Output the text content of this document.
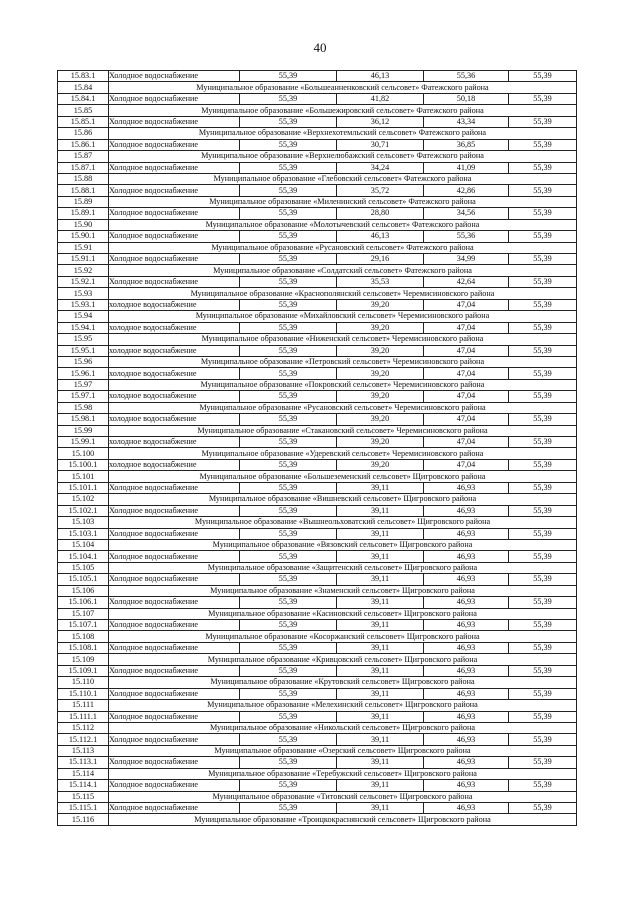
40
15.83.1	Холодное водоснабжение	55,39	46,13	55,36	55,39
15.84	Муниципальное образование «Большеанненковский сельсовет» Фатежского района				
15.84.1	Холодное водоснабжение	55,39	41,82	50,18	55,39
15.85	Муниципальное образование «Большежировский сельсовет» Фатежского района				
15.85.1	Холодное водоснабжение	55,39	36,12	43,34	55,39
15.86	Муниципальное образование «Верхнехотемльский сельсовет» Фатежского района				
15.86.1	Холодное водоснабжение	55,39	30,71	36,85	55,39
15.87	Муниципальное образование «Верхнелюбажский сельсовет» Фатежского района				
15.87.1	Холодное водоснабжение	55,39	34,24	41,09	55,39
15.88	Муниципальное образование «Глебовский сельсовет» Фатежского района				
15.88.1	Холодное водоснабжение	55,39	35,72	42,86	55,39
15.89	Муниципальное образование «Миленинский сельсовет» Фатежского района				
15.89.1	Холодное водоснабжение	55,39	28,80	34,56	55,39
15.90	Муниципальное образование «Молотычевский сельсовет» Фатежского района				
15.90.1	Холодное водоснабжение	55,39	46,13	55,36	55,39
15.91	Муниципальное образование «Русановский сельсовет» Фатежского района				
15.91.1	Холодное водоснабжение	55,39	29,16	34,99	55,39
15.92	Муниципальное образование «Солдатский сельсовет» Фатежского района				
15.92.1	Холодное водоснабжение	55,39	35,53	42,64	55,39
15.93	Муниципальное образование «Краснополянский сельсовет» Черемисиновского района				
15.93.1	холодное водоснабжение	55,39	39,20	47,04	55,39
15.94	Муниципальное образование «Михайловский сельсовет» Черемисиновского района				
15.94.1	холодное водоснабжение	55,39	39,20	47,04	55,39
15.95	Муниципальное образование «Ниженский сельсовет» Черемисиновского района				
15.95.1	холодное водоснабжение	55,39	39,20	47,04	55,39
15.96	Муниципальное образование «Петровский сельсовет» Черемисиновского района				
15.96.1	холодное водоснабжение	55,39	39,20	47,04	55,39
15.97	Муниципальное образование «Покровский сельсовет» Черемисиновского района				
15.97.1	холодное водоснабжение	55,39	39,20	47,04	55,39
15.98	Муниципальное образование «Русановский сельсовет» Черемисиновского района				
15.98.1	холодное водоснабжение	55,39	39,20	47,04	55,39
15.99	Муниципальное образование «Стакановский сельсовет» Черемисиновского района				
15.99.1	холодное водоснабжение	55,39	39,20	47,04	55,39
15.100	Муниципальное образование «Удеревский сельсовет» Черемисиновского района				
15.100.1	холодное водоснабжение	55,39	39,20	47,04	55,39
15.101	Муниципальное образование «Большеземенский сельсовет» Щигровского района				
15.101.1	Холодное водоснабжение	55,39	39,11	46,93	55,39
15.102	Муниципальное образование «Вишневский сельсовет» Щигровского района				
15.102.1	Холодное водоснабжение	55,39	39,11	46,93	55,39
15.103	Муниципальное образование «Вышнеольховатский сельсовет» Щигровского района				
15.103.1	Холодное водоснабжение	55,39	39,11	46,93	55,39
15.104	Муниципальное образование «Вязовский сельсовет» Щигровского района				
15.104.1	Холодное водоснабжение	55,39	39,11	46,93	55,39
15.105	Муниципальное образование «Защитенский сельсовет» Щигровского района				
15.105.1	Холодное водоснабжение	55,39	39,11	46,93	55,39
15.106	Муниципальное образование «Знаменский сельсовет» Щигровского района				
15.106.1	Холодное водоснабжение	55,39	39,11	46,93	55,39
15.107	Муниципальное образование «Касиновский сельсовет» Щигровского района				
15.107.1	Холодное водоснабжение	55,39	39,11	46,93	55,39
15.108	Муниципальное образование «Косоржанский сельсовет» Щигровского района				
15.108.1	Холодное водоснабжение	55,39	39,11	46,93	55,39
15.109	Муниципальное образование «Кривцовский сельсовет» Щигровского района				
15.109.1	Холодное водоснабжение	55,39	39,11	46,93	55,39
15.110	Муниципальное образование «Крутовский сельсовет» Щигровского района				
15.110.1	Холодное водоснабжение	55,39	39,11	46,93	55,39
15.111	Муниципальное образование «Мелехинский сельсовет» Щигровского района				
15.111.1	Холодное водоснабжение	55,39	39,11	46,93	55,39
15.112	Муниципальное образование «Никольский сельсовет» Щигровского района				
15.112.1	Холодное водоснабжение	55,39	39,11	46,93	55,39
15.113	Муниципальное образование «Озерский сельсовет» Щигровского района				
15.113.1	Холодное водоснабжение	55,39	39,11	46,93	55,39
15.114	Муниципальное образование «Теребужский сельсовет» Щигровского района				
15.114.1	Холодное водоснабжение	55,39	39,11	46,93	55,39
15.115	Муниципальное образование «Титовский сельсовет» Щигровского района				
15.115.1	Холодное водоснабжение	55,39	39,11	46,93	55,39
15.116	Муниципальное образование «Троицкокраснянский сельсовет» Щигровского района				
